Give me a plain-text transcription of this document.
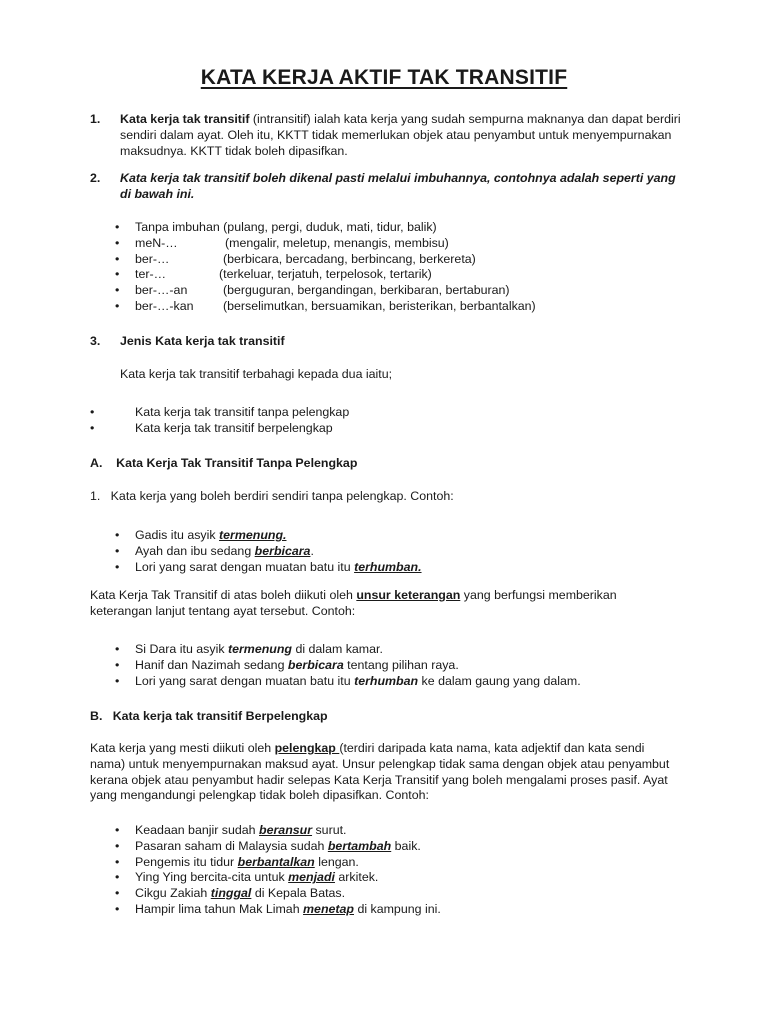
KATA KERJA AKTIF TAK TRANSITIF
1. Kata kerja tak transitif (intransitif) ialah kata kerja yang sudah sempurna maknanya dan dapat berdiri sendiri dalam ayat. Oleh itu, KKTT tidak memerlukan objek atau penyambut untuk menyempurnakan maksudnya. KKTT tidak boleh dipasifkan.
2. Kata kerja tak transitif boleh dikenal pasti melalui imbuhannya, contohnya adalah seperti yang di bawah ini.
• Tanpa imbuhan (pulang, pergi, duduk, mati, tidur, balik)
• meN-…	(mengalir, meletup, menangis, membisu)
• ber-…	(berbicara, bercadang, berbincang, berkereta)
• ter-…	(terkeluar, terjatuh, terpelosok, tertarik)
• ber-…-an	(berguguran, bergandingan, berkibaran, bertaburan)
• ber-…-kan (berselimutkan, bersuamikan, beristerikan, berbantalkan)
3. Jenis Kata kerja tak transitif
Kata kerja tak transitif terbahagi kepada dua iaitu;
•	Kata kerja tak transitif tanpa pelengkap
•	Kata kerja tak transitif berpelengkap
A.    Kata Kerja Tak Transitif Tanpa Pelengkap
1.   Kata kerja yang boleh berdiri sendiri tanpa pelengkap. Contoh:
• Gadis itu asyik termenung.
• Ayah dan ibu sedang berbicara.
• Lori yang sarat dengan muatan batu itu terhumban.
Kata Kerja Tak Transitif di atas boleh diikuti oleh unsur keterangan yang berfungsi memberikan keterangan lanjut tentang ayat tersebut. Contoh:
• Si Dara itu asyik termenung di dalam kamar.
• Hanif dan Nazimah sedang berbicara tentang pilihan raya.
• Lori yang sarat dengan muatan batu itu terhumban ke dalam gaung yang dalam.
B.   Kata kerja tak transitif Berpelengkap
Kata kerja yang mesti diikuti oleh pelengkap (terdiri daripada kata nama, kata adjektif dan kata sendi nama) untuk menyempurnakan maksud ayat. Unsur pelengkap tidak sama dengan objek atau penyambut kerana objek atau penyambut hadir selepas Kata Kerja Transitif yang boleh mengalami proses pasif. Ayat yang mengandungi pelengkap tidak boleh dipasifkan. Contoh:
• Keadaan banjir sudah beransur surut.
• Pasaran saham di Malaysia sudah bertambah baik.
• Pengemis itu tidur berbantalkan lengan.
• Ying Ying bercita-cita untuk menjadi arkitek.
• Cikgu Zakiah tinggal di Kepala Batas.
• Hampir lima tahun Mak Limah menetap di kampung ini.
